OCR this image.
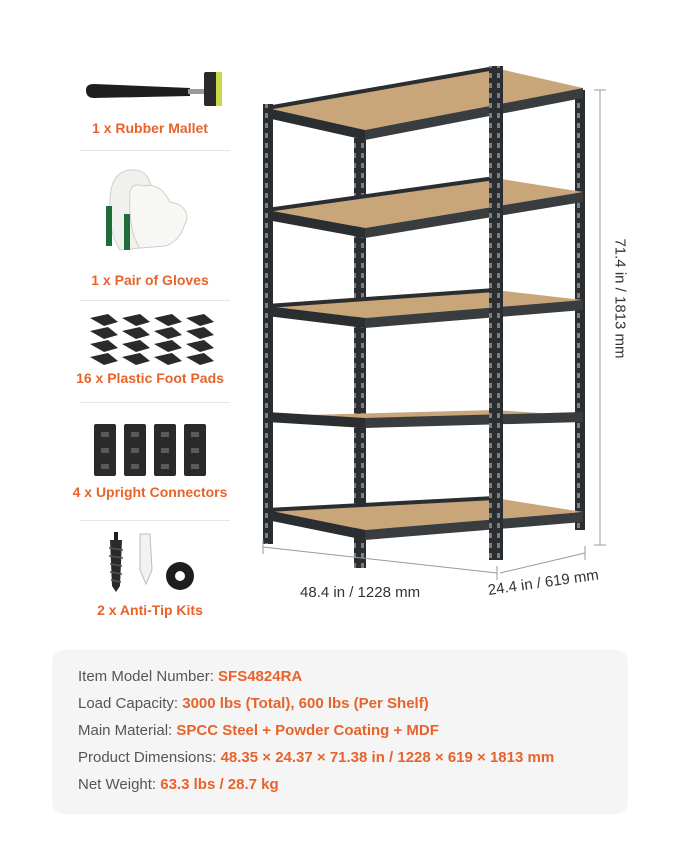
1 x Rubber Mallet
1 x Pair of Gloves
16 x Plastic Foot Pads
4 x Upright Connectors
2 x Anti-Tip Kits
71.4 in / 1813 mm
48.4 in / 1228 mm	24.4 in / 619 mm
Item Model Number: SFS4824RA
Load Capacity: 3000 lbs (Total), 600 lbs (Per Shelf)
Main Material: SPCC Steel + Powder Coating + MDF
Product Dimensions: 48.35 × 24.37 × 71.38 in / 1228 × 619 × 1813 mm
Net Weight: 63.3 lbs / 28.7 kg
